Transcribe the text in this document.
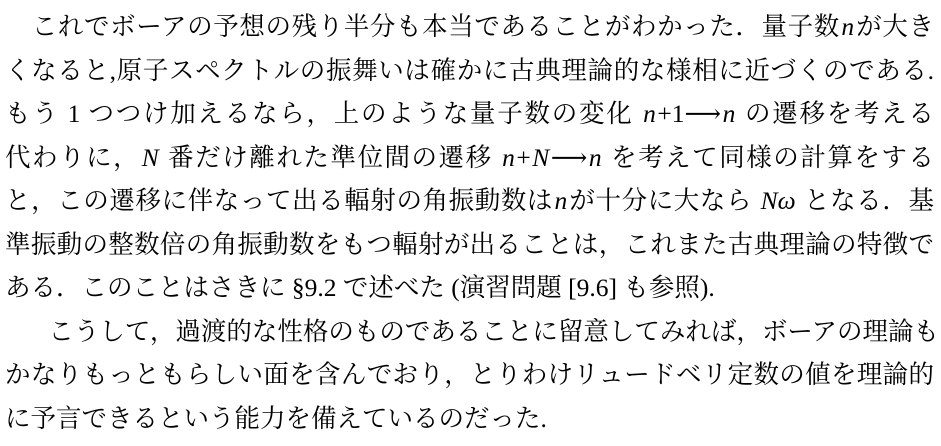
これでボーアの予想の残り半分も本当であることがわかった．量子数nが大き
くなると,原子スペクトルの振舞いは確かに古典理論的な様相に近づくのである.
もう 1 つつけ加えるなら，上のような量子数の変化 n+1⟶n の遷移を考える
代わりに，N 番だけ離れた準位間の遷移 n+N⟶n を考えて同様の計算をする
と，この遷移に伴なって出る輻射の角振動数はnが十分に大なら Nω となる．基
準振動の整数倍の角振動数をもつ輻射が出ることは，これまた古典理論の特徴で
ある．このことはさきに §9.2 で述べた (演習問題 [9.6] も参照).
こうして，過渡的な性格のものであることに留意してみれば，ボーアの理論も
かなりもっともらしい面を含んでおり，とりわけリュードベリ定数の値を理論的
に予言できるという能力を備えているのだった.
